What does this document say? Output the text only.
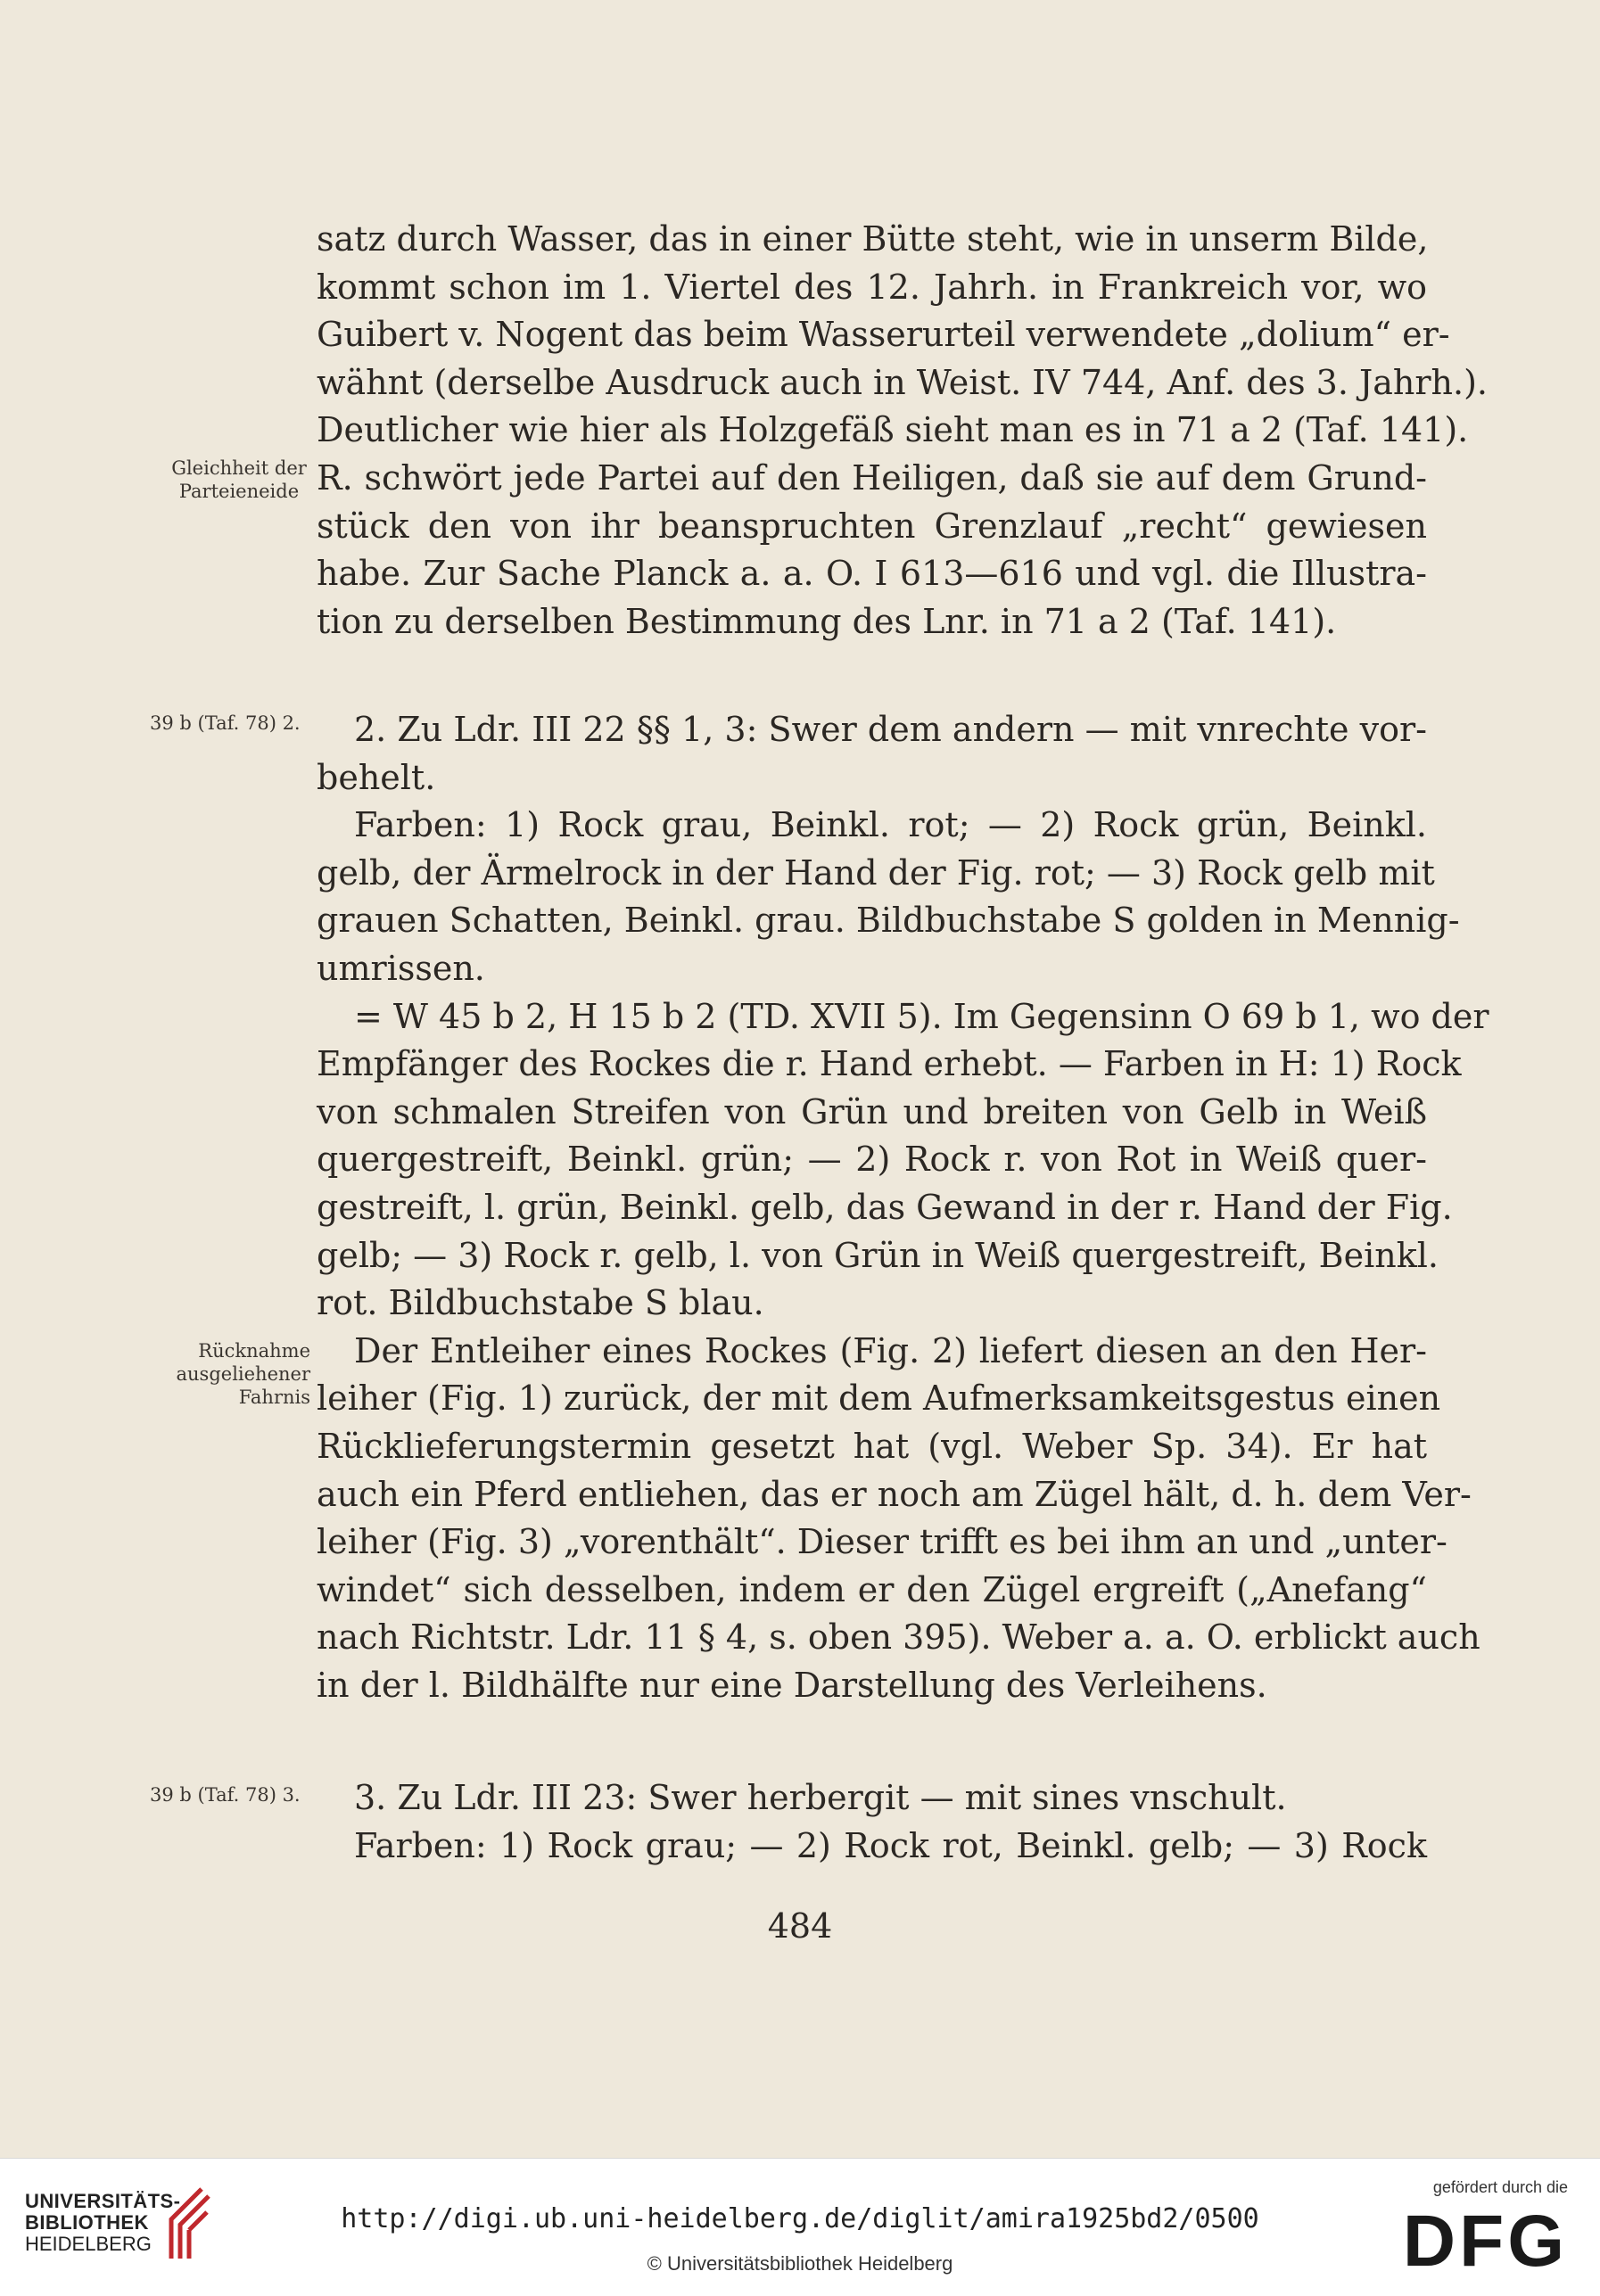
Gleichheit der Parteieneide
39 b (Taf. 78) 2.
Rücknahme ausgeliehener Fahrnis
39 b (Taf. 78) 3.
satz durch Wasser, das in einer Bütte steht, wie in unserm Bilde,
kommt schon im 1. Viertel des 12. Jahrh. in Frankreich vor, wo
Guibert v. Nogent das beim Wasserurteil verwendete „dolium“ er-
wähnt (derselbe Ausdruck auch in Weist. IV 744, Anf. des 3. Jahrh.).
Deutlicher wie hier als Holzgefäß sieht man es in 71 a 2 (Taf. 141).
R. schwört jede Partei auf den Heiligen, daß sie auf dem Grund-
stück den von ihr beanspruchten Grenzlauf „recht“ gewiesen
habe. Zur Sache Planck a. a. O. I 613—616 und vgl. die Illustra-
tion zu derselben Bestimmung des Lnr. in 71 a 2 (Taf. 141).
2. Zu Ldr. III 22 §§ 1, 3: Swer dem andern — mit vnrechte vor-
behelt.
Farben: 1) Rock grau, Beinkl. rot; — 2) Rock grün, Beinkl.
gelb, der Ärmelrock in der Hand der Fig. rot; — 3) Rock gelb mit
grauen Schatten, Beinkl. grau. Bildbuchstabe S golden in Mennig-
umrissen.
= W 45 b 2, H 15 b 2 (TD. XVII 5). Im Gegensinn O 69 b 1, wo der
Empfänger des Rockes die r. Hand erhebt. — Farben in H: 1) Rock
von schmalen Streifen von Grün und breiten von Gelb in Weiß
quergestreift, Beinkl. grün; — 2) Rock r. von Rot in Weiß quer-
gestreift, l. grün, Beinkl. gelb, das Gewand in der r. Hand der Fig.
gelb; — 3) Rock r. gelb, l. von Grün in Weiß quergestreift, Beinkl.
rot. Bildbuchstabe S blau.
Der Entleiher eines Rockes (Fig. 2) liefert diesen an den Her-
leiher (Fig. 1) zurück, der mit dem Aufmerksamkeitsgestus einen
Rücklieferungstermin gesetzt hat (vgl. Weber Sp. 34). Er hat
auch ein Pferd entliehen, das er noch am Zügel hält, d. h. dem Ver-
leiher (Fig. 3) „vorenthält“. Dieser trifft es bei ihm an und „unter-
windet“ sich desselben, indem er den Zügel ergreift („Anefang“
nach Richtstr. Ldr. 11 § 4, s. oben 395). Weber a. a. O. erblickt auch
in der l. Bildhälfte nur eine Darstellung des Verleihens.
3. Zu Ldr. III 23: Swer herbergit — mit sines vnschult.
Farben: 1) Rock grau; — 2) Rock rot, Beinkl. gelb; — 3) Rock
484
UNIVERSITÄTS-
BIBLIOTHEK
HEIDELBERG
http://digi.ub.uni-heidelberg.de/diglit/amira1925bd2/0500
© Universitätsbibliothek Heidelberg
gefördert durch die
DFG
